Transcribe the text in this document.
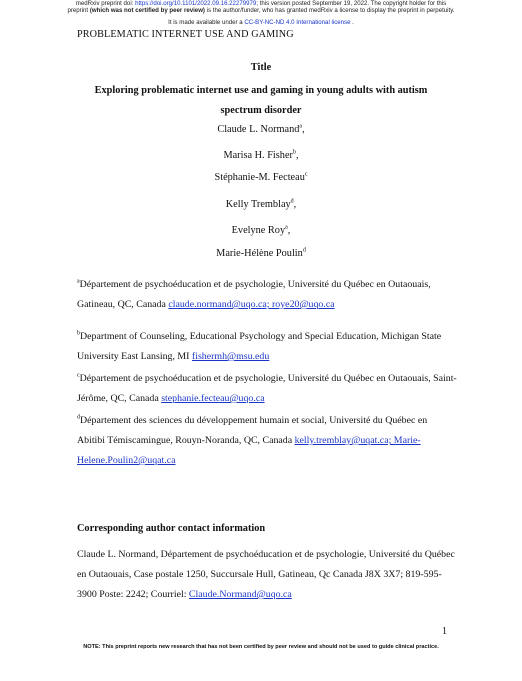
medRxiv preprint doi: https://doi.org/10.1101/2022.09.16.22279979; this version posted September 19, 2022. The copyright holder for this
preprint (which was not certified by peer review) is the author/funder, who has granted medRxiv a license to display the preprint in perpetuity.
It is made available under a CC-BY-NC-ND 4.0 International license .
PROBLEMATIC INTERNET USE AND GAMING
Title
Exploring problematic internet use and gaming in young adults with autism
spectrum disorder
Claude L. Normand$^a$,
Marisa H. Fisher$^b$,
Stéphanie-M. Fecteau$^c$
Kelly Tremblay$^d$,
Evelyne Roy$^a$,
Marie-Hélène Poulin$^d$
$^a$Département de psychoéducation et de psychologie, Université du Québec en Outaouais, Gatineau, QC, Canada claude.normand@uqo.ca; roye20@uqo.ca
$^b$Department of Counseling, Educational Psychology and Special Education, Michigan State University East Lansing, MI fishermh@msu.edu
$^c$Département de psychoéducation et de psychologie, Université du Québec en Outaouais, Saint-Jérôme, QC, Canada stephanie.fecteau@uqo.ca
$^d$Département des sciences du développement humain et social, Université du Québec en Abitibi Témiscamingue, Rouyn-Noranda, QC, Canada kelly.tremblay@uqat.ca; Marie-Helene.Poulin2@uqat.ca
Corresponding author contact information
Claude L. Normand, Département de psychoéducation et de psychologie, Université du Québec en Outaouais, Case postale 1250, Succursale Hull, Gatineau, Qc Canada J8X 3X7; 819-595-3900 Poste: 2242; Courriel: Claude.Normand@uqo.ca
1
NOTE: This preprint reports new research that has not been certified by peer review and should not be used to guide clinical practice.
